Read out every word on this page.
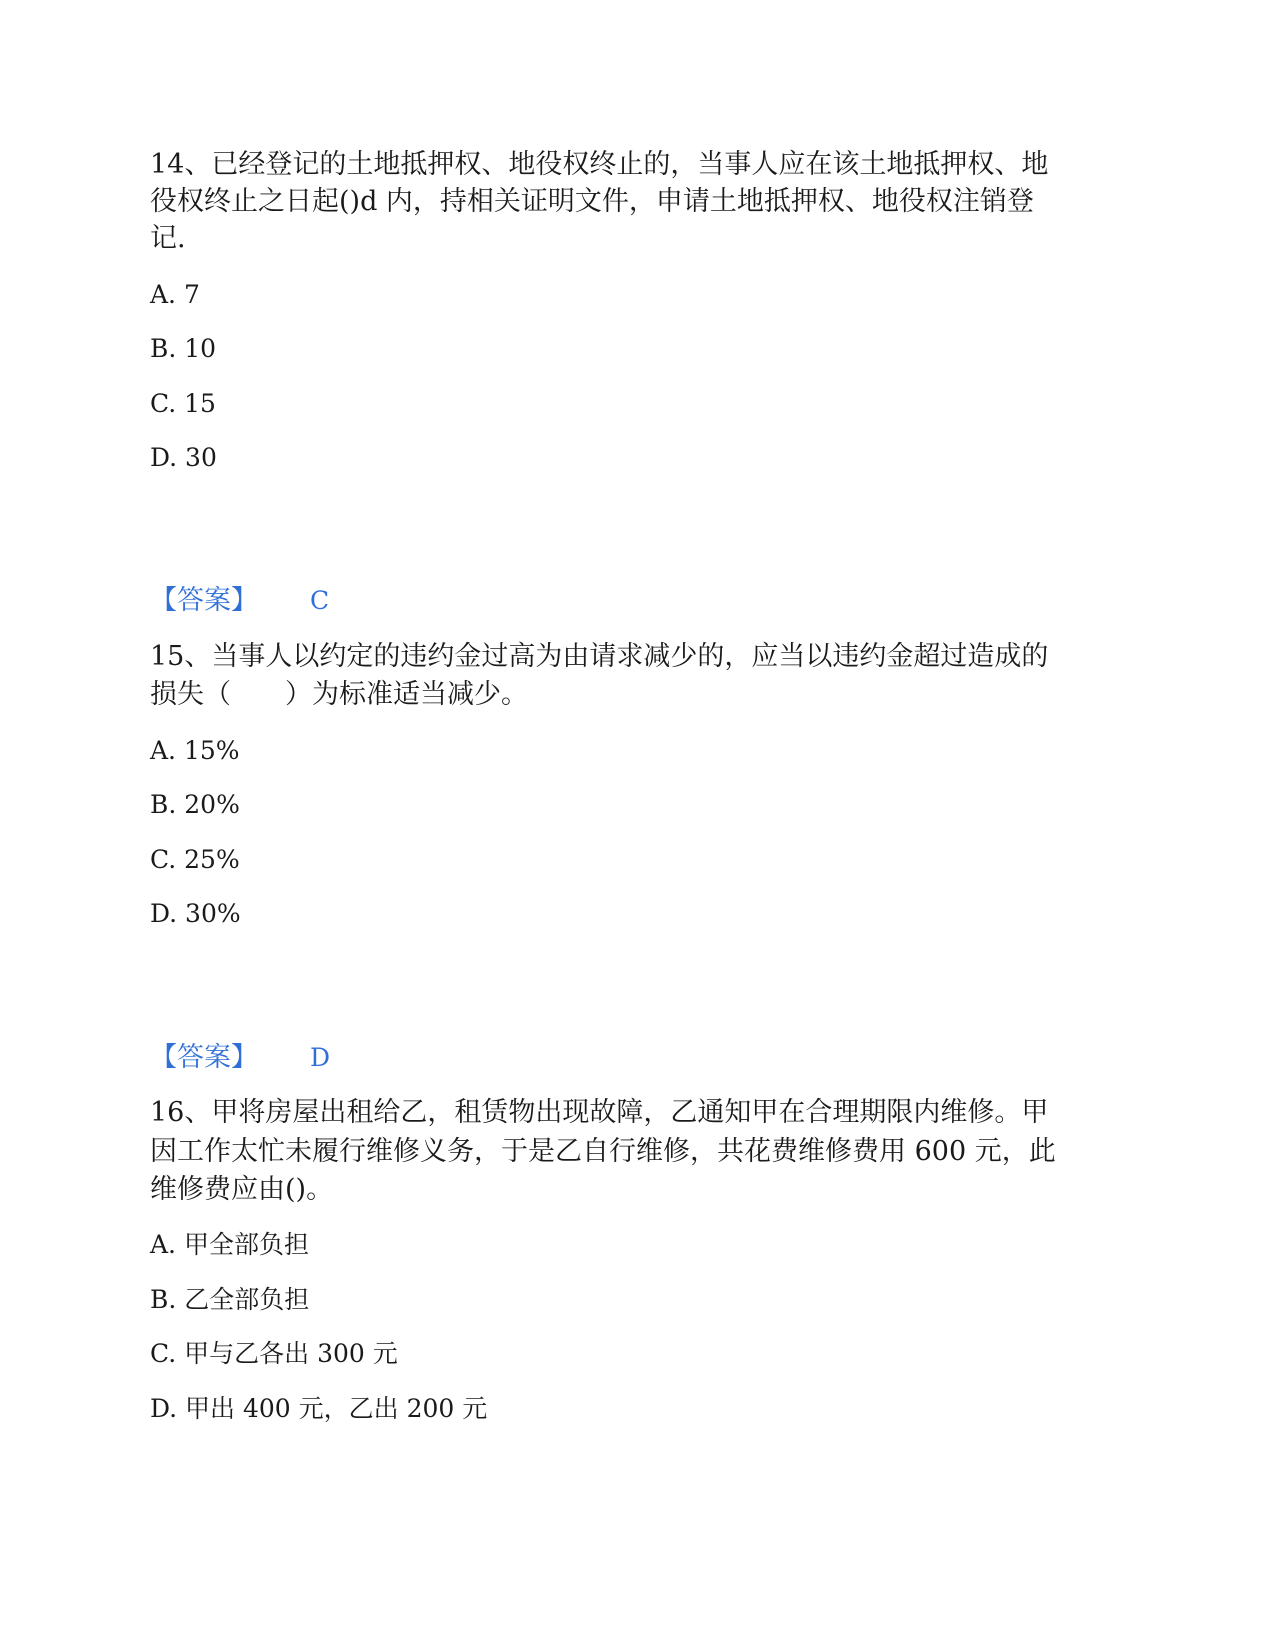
14、已经登记的土地抵押权、地役权终止的，当事人应在该土地抵押权、地
役权终止之日起()d 内，持相关证明文件，申请土地抵押权、地役权注销登
记.
A. 7
B. 10
C. 15
D. 30
【答案】 C
15、当事人以约定的违约金过高为由请求减少的，应当以违约金超过造成的
损失（　　）为标准适当减少。
A. 15%
B. 20%
C. 25%
D. 30%
【答案】 D
16、甲将房屋出租给乙，租赁物出现故障，乙通知甲在合理期限内维修。甲
因工作太忙未履行维修义务，于是乙自行维修，共花费维修费用 600 元，此
维修费应由()。
A. 甲全部负担
B. 乙全部负担
C. 甲与乙各出 300 元
D. 甲出 400 元，乙出 200 元
